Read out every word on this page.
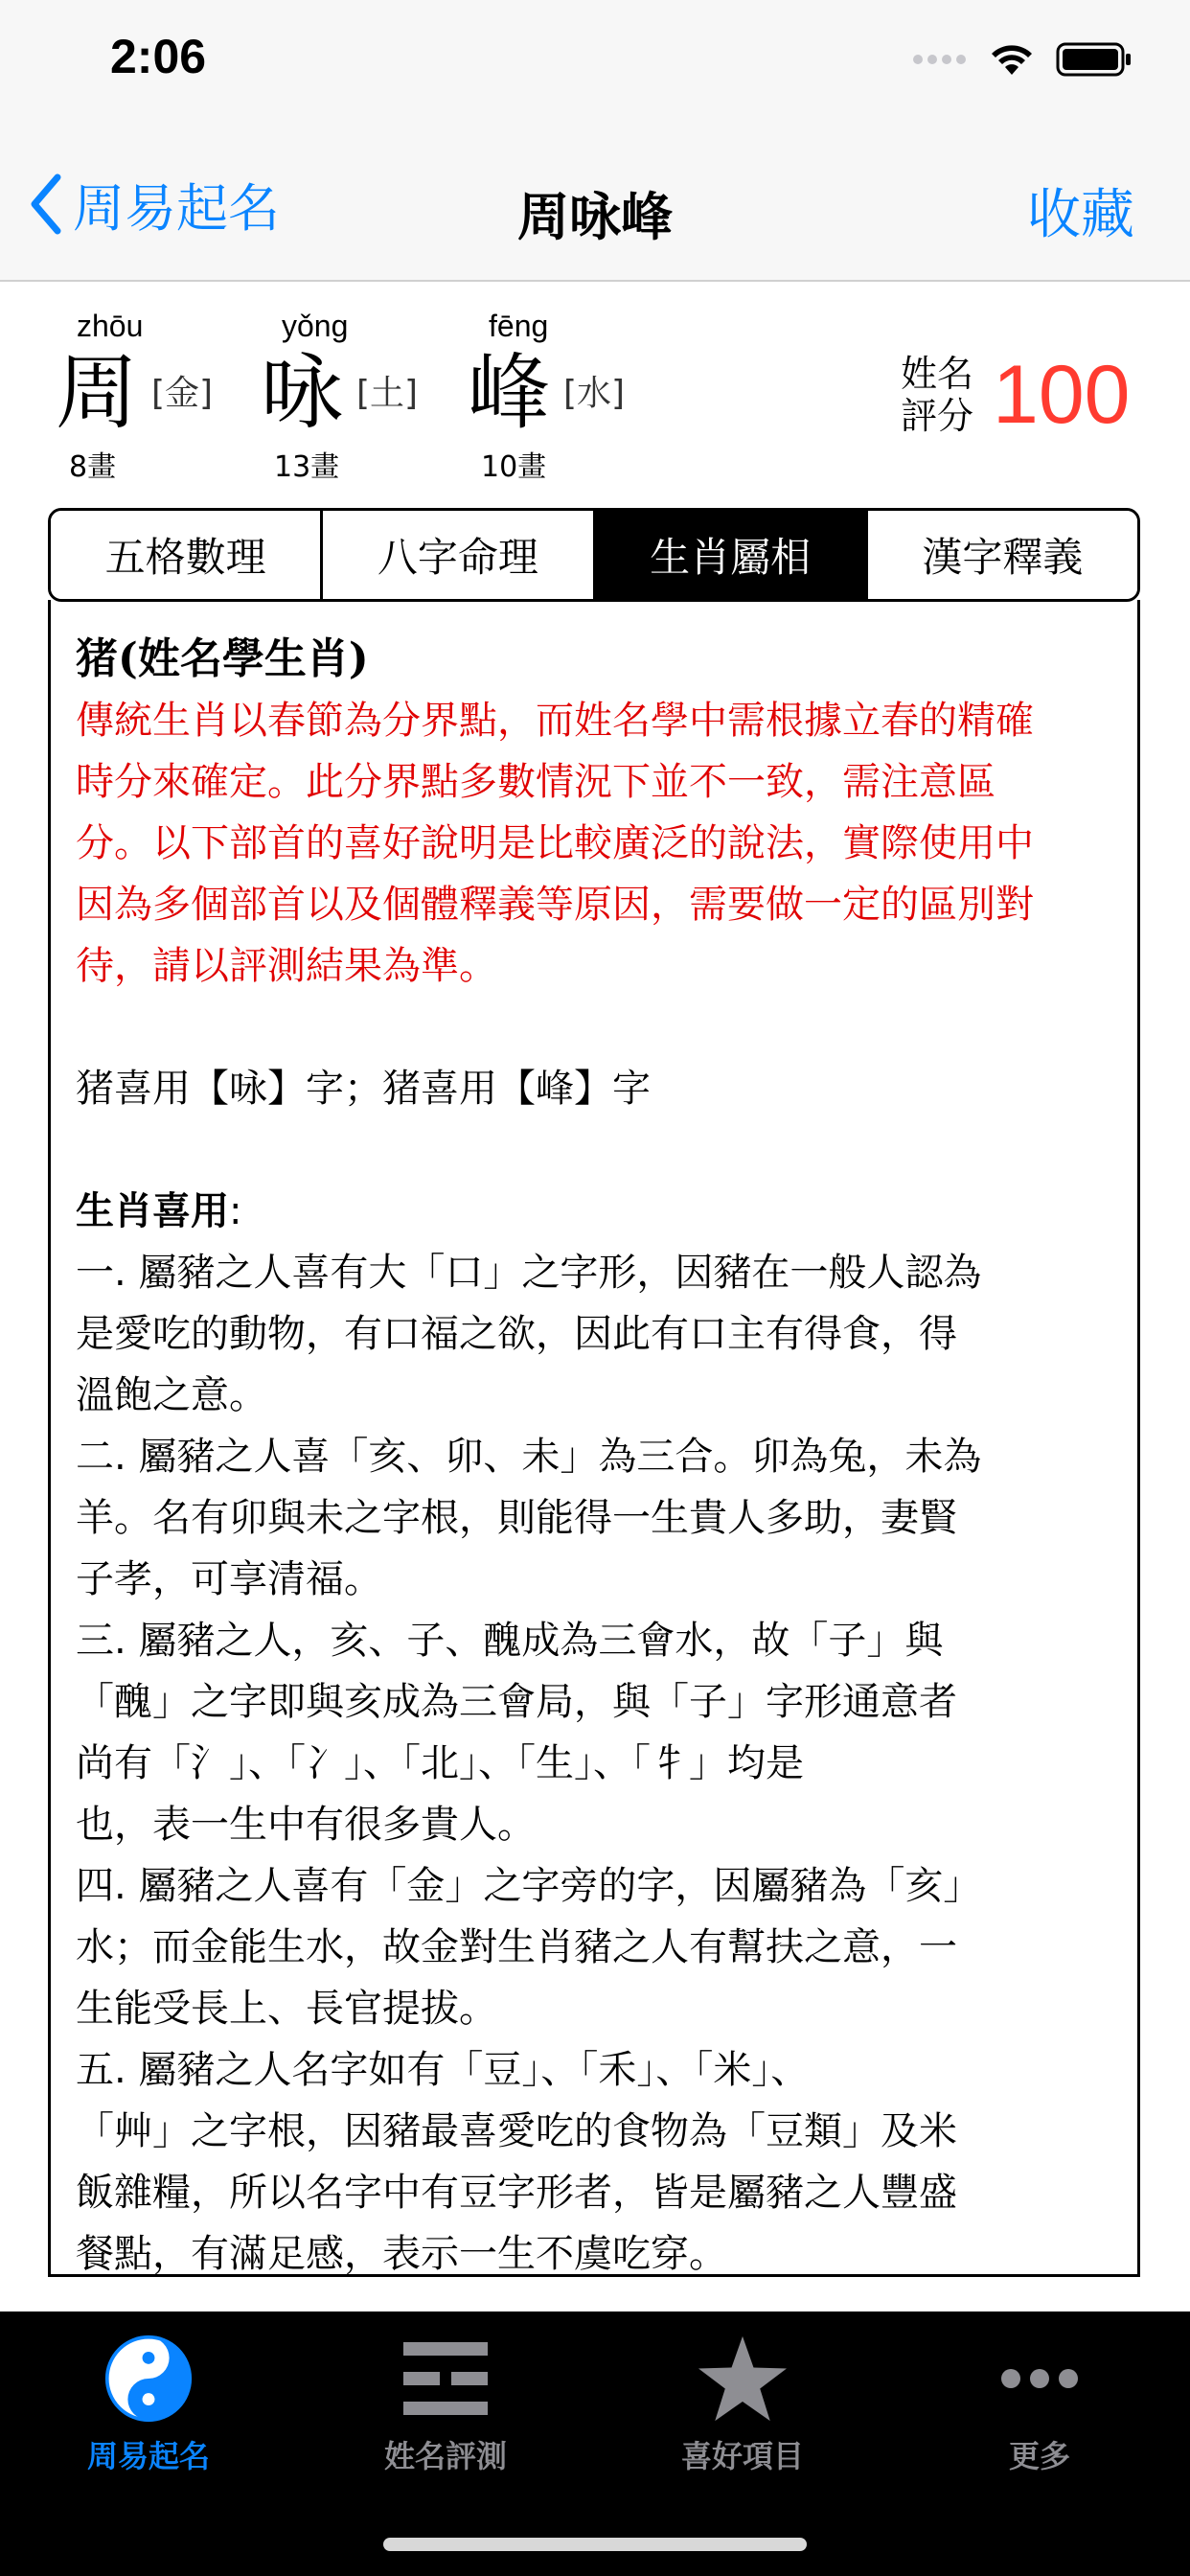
2:06
周易起名	周咏峰	收藏
zhōu
周 [金]
8畫
yǒng
咏 [土]
13畫
fēng
峰 [水]
10畫
姓名
評分 100
五格數理	八字命理	生肖屬相	漢字釋義
猪(姓名學生肖)
傳統生肖以春節為分界點，而姓名學中需根據立春的精確
時分來確定。此分界點多數情況下並不一致，需注意區
分。以下部首的喜好說明是比較廣泛的說法，實際使用中
因為多個部首以及個體釋義等原因，需要做一定的區別對
待，請以評測結果為準。
猪喜用【咏】字；猪喜用【峰】字
生肖喜用:
一. 屬豬之人喜有大「口」之字形，因豬在一般人認為
是愛吃的動物，有口福之欲，因此有口主有得食，得
溫飽之意。
二. 屬豬之人喜「亥、卯、未」為三合。卯為兔，未為
羊。名有卯與未之字根，則能得一生貴人多助，妻賢
子孝，可享清福。
三. 屬豬之人，亥、子、醜成為三會水，故「子」與
「醜」之字即與亥成為三會局，與「子」字形通意者
尚有「氵」、「冫」、「北」、「生」、「牜」均是
也，表一生中有很多貴人。
四. 屬豬之人喜有「金」之字旁的字，因屬豬為「亥」
水；而金能生水，故金對生肖豬之人有幫扶之意，一
生能受長上、長官提拔。
五. 屬豬之人名字如有「豆」、「禾」、「米」、
「艸」之字根，因豬最喜愛吃的食物為「豆類」及米
飯雜糧，所以名字中有豆字形者，皆是屬豬之人豐盛
餐點，有滿足感，表示一生不虞吃穿。
周易起名	姓名評測	喜好項目	更多
